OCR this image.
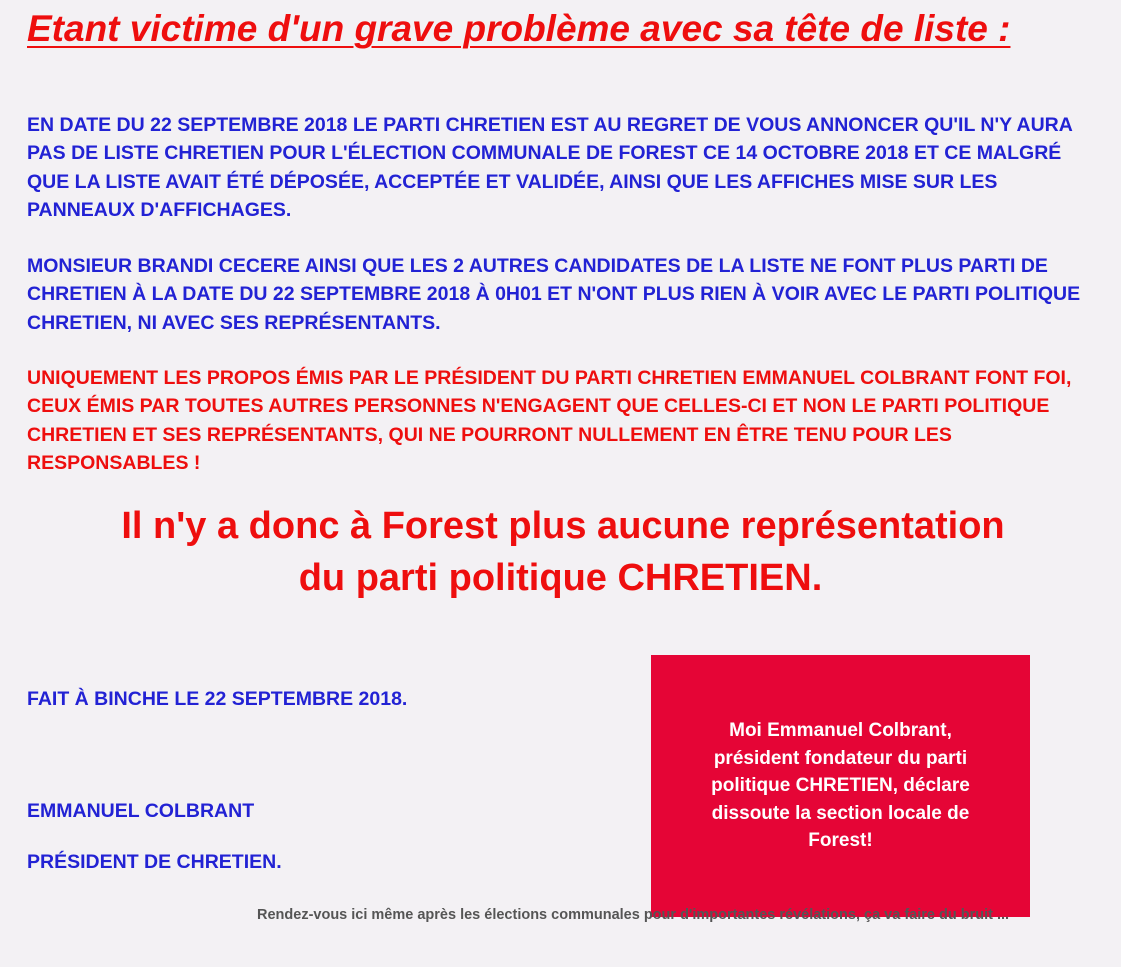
Etant victime d'un grave problème avec sa tête de liste :

EN DATE DU 22 SEPTEMBRE 2018 LE PARTI CHRETIEN EST AU REGRET DE VOUS ANNONCER QU'IL N'Y AURA PAS DE LISTE CHRETIEN POUR L'ÉLECTION COMMUNALE DE FOREST CE 14 OCTOBRE 2018 ET CE MALGRÉ QUE LA LISTE AVAIT ÉTÉ DÉPOSÉE, ACCEPTÉE ET VALIDÉE, AINSI QUE LES AFFICHES MISE SUR LES PANNEAUX D'AFFICHAGES.

MONSIEUR BRANDI CECERE AINSI QUE LES 2 AUTRES CANDIDATES DE LA LISTE NE FONT PLUS PARTI DE CHRETIEN À LA DATE DU 22 SEPTEMBRE 2018 À 0H01 ET N'ONT PLUS RIEN À VOIR AVEC LE PARTI POLITIQUE CHRETIEN, NI AVEC SES REPRÉSENTANTS.

UNIQUEMENT LES PROPOS ÉMIS PAR LE PRÉSIDENT DU PARTI CHRETIEN EMMANUEL COLBRANT FONT FOI, CEUX ÉMIS PAR TOUTES AUTRES PERSONNES N'ENGAGENT QUE CELLES-CI ET NON LE PARTI POLITIQUE CHRETIEN ET SES REPRÉSENTANTS, QUI NE POURRONT NULLEMENT EN ÊTRE TENU POUR LES RESPONSABLES !

Il n'y a donc à Forest plus aucune représentation
du parti politique CHRETIEN.

FAIT À BINCHE LE 22 SEPTEMBRE 2018.

EMMANUEL COLBRANT

PRÉSIDENT DE CHRETIEN.

Moi Emmanuel Colbrant,
président fondateur du parti
politique CHRETIEN, déclare
dissoute la section locale de
Forest!

Rendez-vous ici même après les élections communales pour d'importantes révélations, ça va faire du bruit ...
